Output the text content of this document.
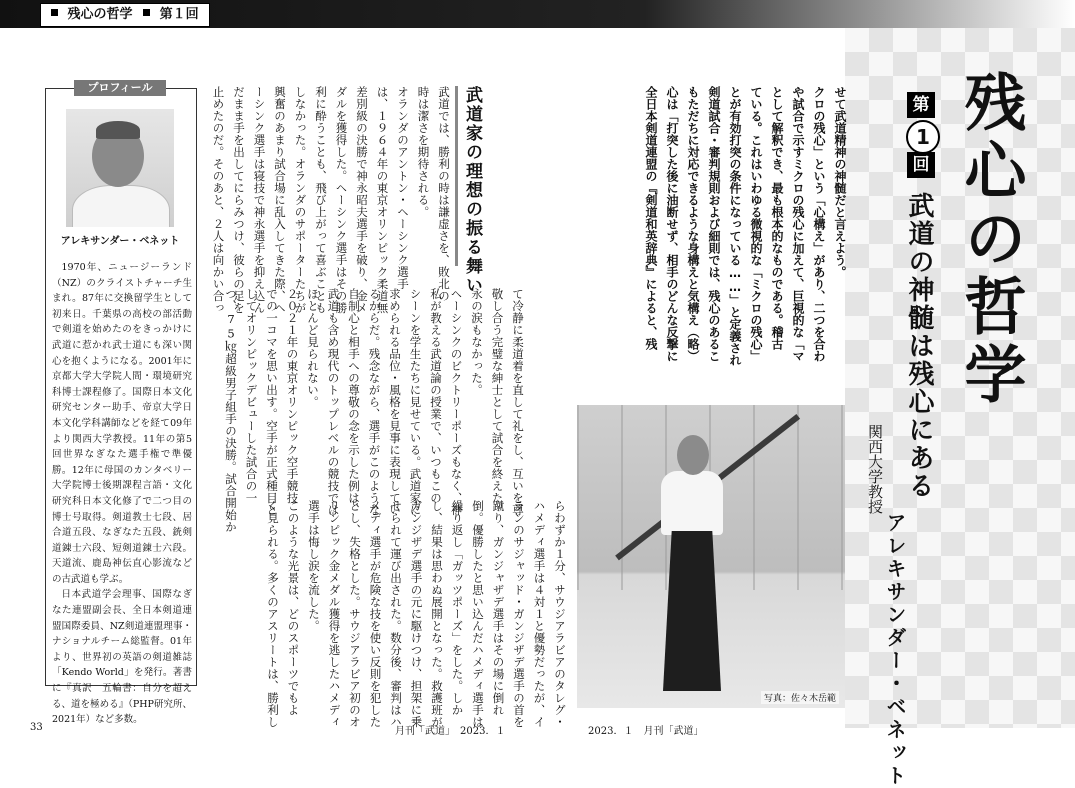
残心の哲学 第１回
プロフィール
アレキサンダー・ベネット

1970年、ニュージーランド（NZ）のクライストチャーチ生まれ。87年に交換留学生として初来日。千葉県の高校の部活動で剣道を始めたのをきっかけに武道に惹かれ武士道にも深い関心を抱くようになる。2001年に京都大学大学院人間・環境研究科博士課程修了。国際日本文化研究センター助手、帝京大学日本文化学科講師などを経て09年より関西大学教授。11年の第5回世界なぎなた選手権で準優勝。12年に母国のカンタベリー大学院博士後期課程言語・文化研究科日本文化修了で二つ目の博士号取得。剣道教士七段、居合道五段、なぎなた五段、銃剣道錬士六段、短剣道錬士六段。天道流、鹿島神伝直心影流などの古武道も学ぶ。

日本武道学会理事、国際なぎなた連盟副会長、全日本剣道連盟国際委員、NZ剣道連盟理事・ナショナルチーム総監督。01年より、世界初の英語の剣道雑誌「Kendo World」を発行。著書に『真訳　五輪書：自分を超える、道を極める』（PHP研究所、2021年）など多数。

武道では、勝利の時は謙虚さを、敗北の

時は潔さを期待される。

オランダのアントン・ヘーシンク選手

は、１９６４年の東京オリンピック柔道無

差別級の決勝で神永昭夫選手を破り、金メ

ダルを獲得した。ヘーシンク選手はその勝

利に酔うことも、飛び上がって喜ぶことも

しなかった。オランダのサポーターたちが

興奮のあまり試合場に乱入してきた際、ヘ

ーシンク選手は寝技で神永選手を抑え込ん

だまま手を出してにらみつけ、彼らの足を

止めたのだ。そのあと、２人は向かい合っ	武道家の理想の振る舞い

て冷静に柔道着を直して礼をし、互いを尊

敬し合う完璧な紳士として試合を終えた。

永の涙もなかった。

ヘーシンクのビクトリーポーズもなく、神

私が教える武道論の授業で、いつもこの

シーンを学生たちに見せている。武道家に

求められる品位・風格を見事に表現してい

るからだ。残念ながら、選手がこのような

自制心と相手への尊敬の念を示した例は、

武道も含め現代のトップレベルの競技では

ほとんど見られない。

２０２１年の東京オリンピック空手競技

での一コマを思い出す。空手が正式種目と

してオリンピックデビューした試合の一

つ、75㎏超級男子組手の決勝。試合開始か

らわずか１分、サウジアラビアのタレグ・

ハメディ選手は４対１と優勢だったが、イ

ランのサジャッド・ガンジザデ選手の首を

蹴り、ガンジャザデ選手はその場に倒れ

倒。優勝したと思い込んだハメディ選手は

繰り返し「ガッツポーズ」をした。しか

し、結果は思わぬ展開となった。救護班が

ガンジザデ選手の元に駆けつけ、担架に乗

せられて運び出された。数分後、審判はハ

メディ選手が危険な技を使い反則を犯した

とし、失格とした。サウジアラビア初のオ

リンピック金メダル獲得を逃したハメディ

選手は悔し涙を流した。

このような光景は、どのスポーツでもよ

く見られる。多くのアスリートは、勝利し

せて武道精神の神髄だと言えよう。

クロの残心」という「心構え」があり、二つを合わ

や試合で示すミクロの残心に加えて、巨視的な「マ

として解釈でき、最も根本的なものである。稽古

ている。これはいわゆる微視的な「ミクロの残心」

とが有効打突の条件になっている……」と定義され

剣道試合・審判規則および細則では、残心のあるこ

もただちに対応できるような身構えと気構え（略）

心は「打突した後に油断せず、相手のどんな反撃に

全日本剣道連盟の『剣道和英辞典』によると、残

写真：佐々木岳範
第
1
回 残心の哲学
武道の神髄は残心にある
関西大学教授
アレキサンダー・ベネット
33	月刊「武道」　2023．１	2023．１　月刊「武道」
